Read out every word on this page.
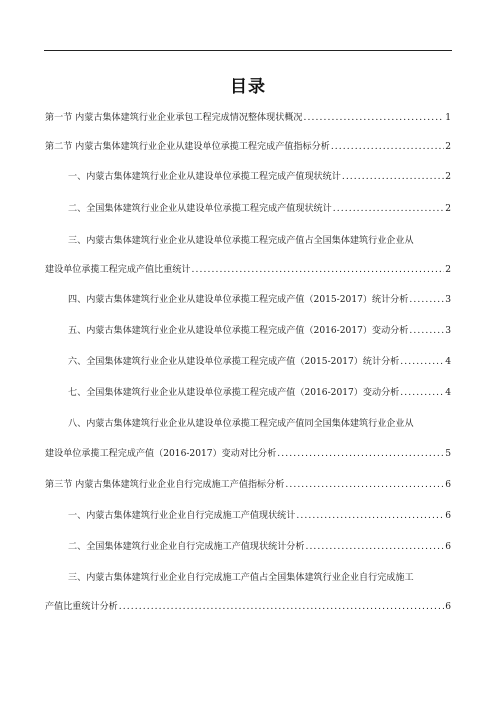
目录
第一节 内蒙古集体建筑行业企业承包工程完成情况整体现状概况 .....	1
第二节 内蒙古集体建筑行业企业从建设单位承揽工程完成产值指标分析 .....	2
一、内蒙古集体建筑行业企业从建设单位承揽工程完成产值现状统计 .....	2
二、全国集体建筑行业企业从建设单位承揽工程完成产值现状统计 .....	2
三、内蒙古集体建筑行业企业从建设单位承揽工程完成产值占全国集体建筑行业企业从
建设单位承揽工程完成产值比重统计 .....	2
四、内蒙古集体建筑行业企业从建设单位承揽工程完成产值（2015-2017）统计分析 .....	3
五、内蒙古集体建筑行业企业从建设单位承揽工程完成产值（2016-2017）变动分析 .....	3
六、全国集体建筑行业企业从建设单位承揽工程完成产值（2015-2017）统计分析 .....	4
七、全国集体建筑行业企业从建设单位承揽工程完成产值（2016-2017）变动分析 .....	4
八、内蒙古集体建筑行业企业从建设单位承揽工程完成产值同全国集体建筑行业企业从
建设单位承揽工程完成产值（2016-2017）变动对比分析 .....	5
第三节 内蒙古集体建筑行业企业自行完成施工产值指标分析 .....	6
一、内蒙古集体建筑行业企业自行完成施工产值现状统计 .....	6
二、全国集体建筑行业企业自行完成施工产值现状统计分析 .....	6
三、内蒙古集体建筑行业企业自行完成施工产值占全国集体建筑行业企业自行完成施工
产值比重统计分析 .....	6
